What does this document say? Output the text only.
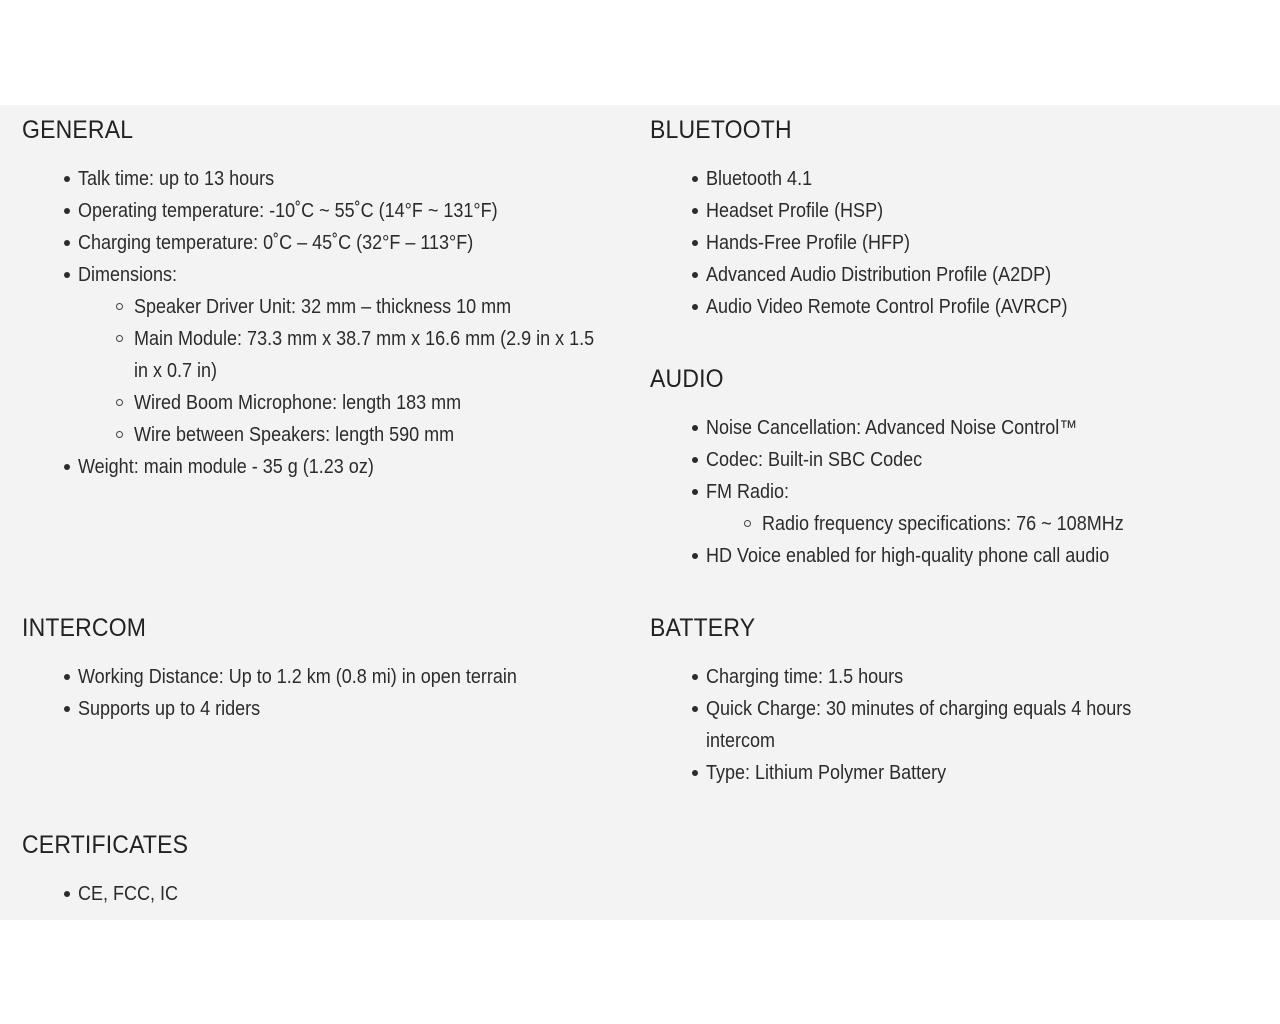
GENERAL
Talk time: up to 13 hours
Operating temperature: -10˚C ~ 55˚C (14°F ~ 131°F)
Charging temperature: 0˚C – 45˚C (32°F – 113°F)
Dimensions:
Speaker Driver Unit: 32 mm – thickness 10 mm
Main Module: 73.3 mm x 38.7 mm x 16.6 mm (2.9 in x 1.5 in x 0.7 in)
Wired Boom Microphone: length 183 mm
Wire between Speakers: length 590 mm
Weight: main module - 35 g (1.23 oz)
BLUETOOTH
Bluetooth 4.1
Headset Profile (HSP)
Hands-Free Profile (HFP)
Advanced Audio Distribution Profile (A2DP)
Audio Video Remote Control Profile (AVRCP)
AUDIO
Noise Cancellation: Advanced Noise Control™
Codec: Built-in SBC Codec
FM Radio:
Radio frequency specifications: 76 ~ 108MHz
HD Voice enabled for high-quality phone call audio
INTERCOM
Working Distance: Up to 1.2 km (0.8 mi) in open terrain
Supports up to 4 riders
BATTERY
Charging time: 1.5 hours
Quick Charge: 30 minutes of charging equals 4 hours intercom
Type: Lithium Polymer Battery
CERTIFICATES
CE, FCC, IC
